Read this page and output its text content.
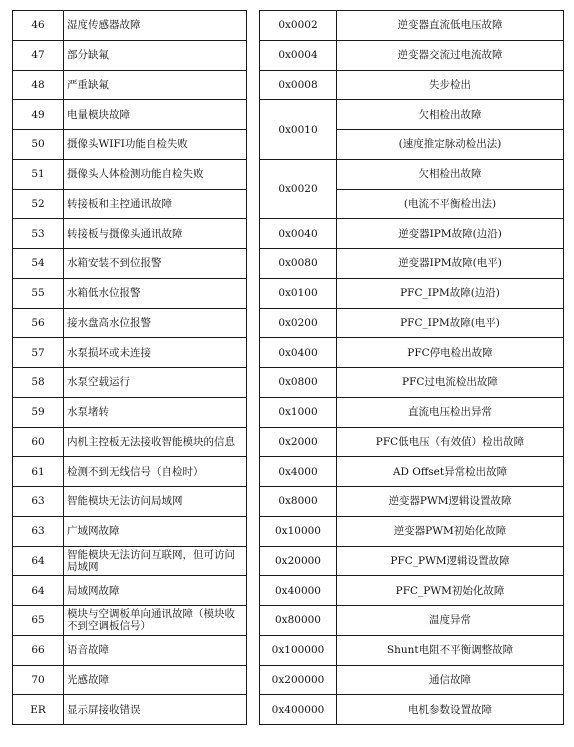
46	湿度传感器故障
47	部分缺氟
48	严重缺氟
49	电量模块故障
50	摄像头WIFI功能自检失败
51	摄像头人体检测功能自检失败
52	转接板和主控通讯故障
53	转接板与摄像头通讯故障
54	水箱安装不到位报警
55	水箱低水位报警
56	接水盘高水位报警
57	水泵损坏或未连接
58	水泵空载运行
59	水泵堵转
60	内机主控板无法接收智能模块的信息
61	检测不到无线信号（自检时）
63	智能模块无法访问局域网
63	广域网故障
64	智能模块无法访问互联网，但可访问局域网
64	局域网故障
65	模块与空调板单向通讯故障（模块收不到空调板信号）
66	语音故障
70	光感故障
ER	显示屏接收错误
0x0002	逆变器直流低电压故障
0x0004	逆变器交流过电流故障
0x0008	失步检出
0x0010	欠相检出故障
	(速度推定脉动检出法)
0x0020	欠相检出故障
	(电流不平衡检出法)
0x0040	逆变器IPM故障(边沿)
0x0080	逆变器IPM故障(电平)
0x0100	PFC_IPM故障(边沿)
0x0200	PFC_IPM故障(电平)
0x0400	PFC停电检出故障
0x0800	PFC过电流检出故障
0x1000	直流电压检出异常
0x2000	PFC低电压（有效值）检出故障
0x4000	AD Offset异常检出故障
0x8000	逆变器PWM逻辑设置故障
0x10000	逆变器PWM初始化故障
0x20000	PFC_PWM逻辑设置故障
0x40000	PFC_PWM初始化故障
0x80000	温度异常
0x100000	Shunt电阻不平衡调整故障
0x200000	通信故障
0x400000	电机参数设置故障
